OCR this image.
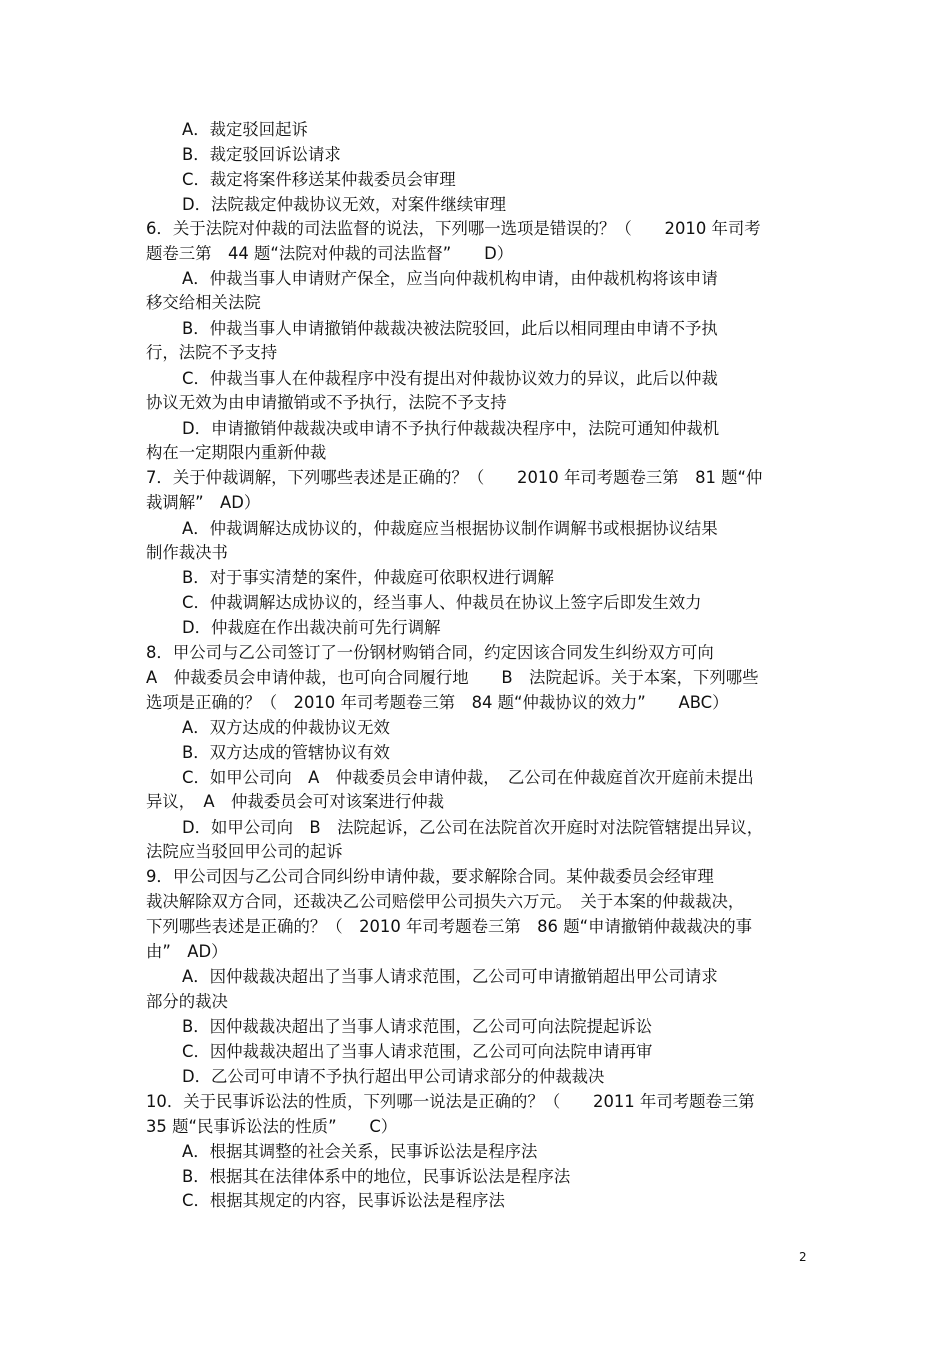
A．裁定驳回起诉
B．裁定驳回诉讼请求
C．裁定将案件移送某仲裁委员会审理
D．法院裁定仲裁协议无效，对案件继续审理
6．关于法院对仲裁的司法监督的说法，下列哪一选项是错误的？（　　2010 年司考
题卷三第　44 题“法院对仲裁的司法监督”　　D）
A．仲裁当事人申请财产保全，应当向仲裁机构申请，由仲裁机构将该申请
移交给相关法院
B．仲裁当事人申请撤销仲裁裁决被法院驳回，此后以相同理由申请不予执
行，法院不予支持
C．仲裁当事人在仲裁程序中没有提出对仲裁协议效力的异议，此后以仲裁
协议无效为由申请撤销或不予执行，法院不予支持
D．申请撤销仲裁裁决或申请不予执行仲裁裁决程序中，法院可通知仲裁机
构在一定期限内重新仲裁
7．关于仲裁调解，下列哪些表述是正确的？（　　2010 年司考题卷三第　81 题“仲
裁调解”　AD）
A．仲裁调解达成协议的，仲裁庭应当根据协议制作调解书或根据协议结果
制作裁决书
B．对于事实清楚的案件，仲裁庭可依职权进行调解
C．仲裁调解达成协议的，经当事人、仲裁员在协议上签字后即发生效力
D．仲裁庭在作出裁决前可先行调解
8．甲公司与乙公司签订了一份钢材购销合同，约定因该合同发生纠纷双方可向
A　仲裁委员会申请仲裁，也可向合同履行地　　B　法院起诉。关于本案，下列哪些
选项是正确的？（　2010 年司考题卷三第　84 题“仲裁协议的效力”　　ABC）
A．双方达成的仲裁协议无效
B．双方达成的管辖协议有效
C．如甲公司向　A　仲裁委员会申请仲裁，　乙公司在仲裁庭首次开庭前未提出
异议，　A　仲裁委员会可对该案进行仲裁
D．如甲公司向　B　法院起诉，乙公司在法院首次开庭时对法院管辖提出异议，
法院应当驳回甲公司的起诉
9．甲公司因与乙公司合同纠纷申请仲裁，要求解除合同。某仲裁委员会经审理
裁决解除双方合同，还裁决乙公司赔偿甲公司损失六万元。　关于本案的仲裁裁决，
下列哪些表述是正确的？（　2010 年司考题卷三第　86 题“申请撤销仲裁裁决的事
由”　AD）
A．因仲裁裁决超出了当事人请求范围，乙公司可申请撤销超出甲公司请求
部分的裁决
B．因仲裁裁决超出了当事人请求范围，乙公司可向法院提起诉讼
C．因仲裁裁决超出了当事人请求范围，乙公司可向法院申请再审
D．乙公司可申请不予执行超出甲公司请求部分的仲裁裁决
10．关于民事诉讼法的性质，下列哪一说法是正确的？（　　2011 年司考题卷三第
35 题“民事诉讼法的性质”　　C）
A．根据其调整的社会关系，民事诉讼法是程序法
B．根据其在法律体系中的地位，民事诉讼法是程序法
C．根据其规定的内容，民事诉讼法是程序法
2
